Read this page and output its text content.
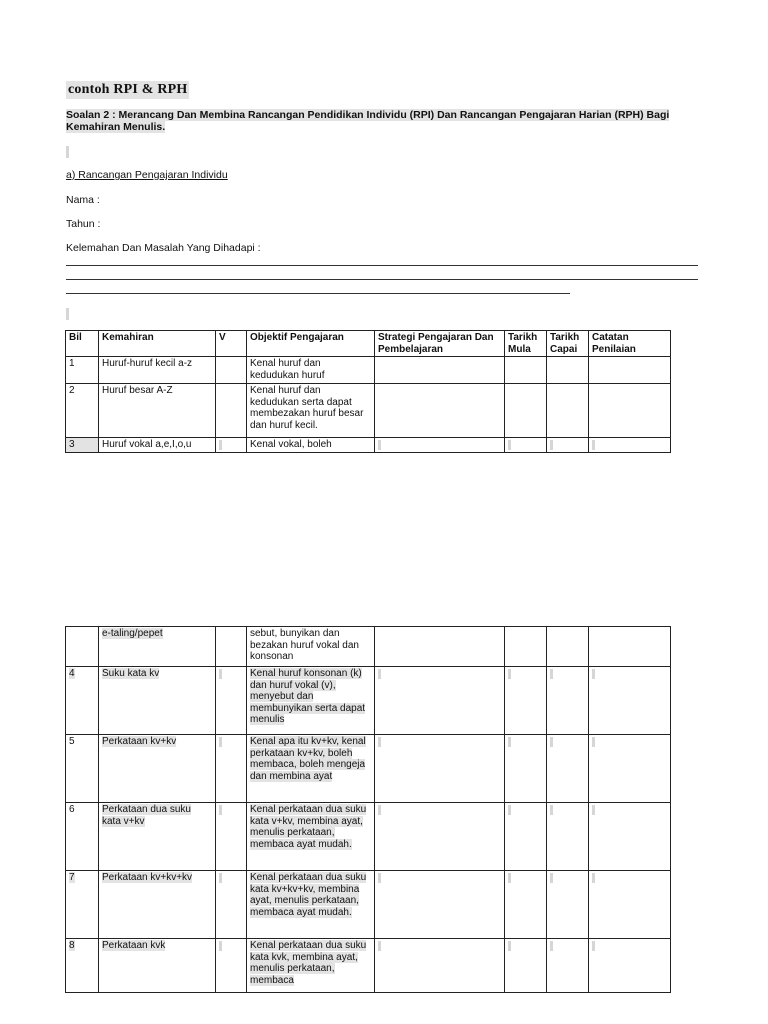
contoh RPI & RPH
Soalan 2 : Merancang Dan Membina Rancangan Pendidikan Individu (RPI) Dan Rancangan Pengajaran Harian (RPH) Bagi Kemahiran Menulis.
a) Rancangan Pengajaran Individu
Nama :
Tahun :
Kelemahan Dan Masalah Yang Dihadapi :
Bil	Kemahiran	V	Objektif Pengajaran	Strategi Pengajaran Dan Pembelajaran	Tarikh Mula	Tarikh Capai	Catatan Penilaian
1	Huruf-huruf kecil a-z		Kenal huruf dan kedudukan huruf				
2	Huruf besar A-Z		Kenal huruf dan kedudukan serta dapat membezakan huruf besar dan huruf kecil.				
3	Huruf vokal a,e,I,o,u		Kenal vokal, boleh				
	e-taling/pepet		sebut, bunyikan dan bezakan huruf vokal dan konsonan				
4	Suku kata kv		Kenal huruf konsonan (k) dan huruf vokal (v), menyebut dan membunyikan serta dapat menulis				
5	Perkataan kv+kv		Kenal apa itu kv+kv, kenal perkataan kv+kv, boleh membaca, boleh mengeja dan membina ayat				
6	Perkataan dua suku kata v+kv		Kenal perkataan dua suku kata v+kv, membina ayat, menulis perkataan, membaca ayat mudah.				
7	Perkataan kv+kv+kv		Kenal perkataan dua suku kata kv+kv+kv, membina ayat, menulis perkataan, membaca ayat mudah.				
8	Perkataan kvk		Kenal perkataan dua suku kata kvk, membina ayat, menulis perkataan, membaca				
